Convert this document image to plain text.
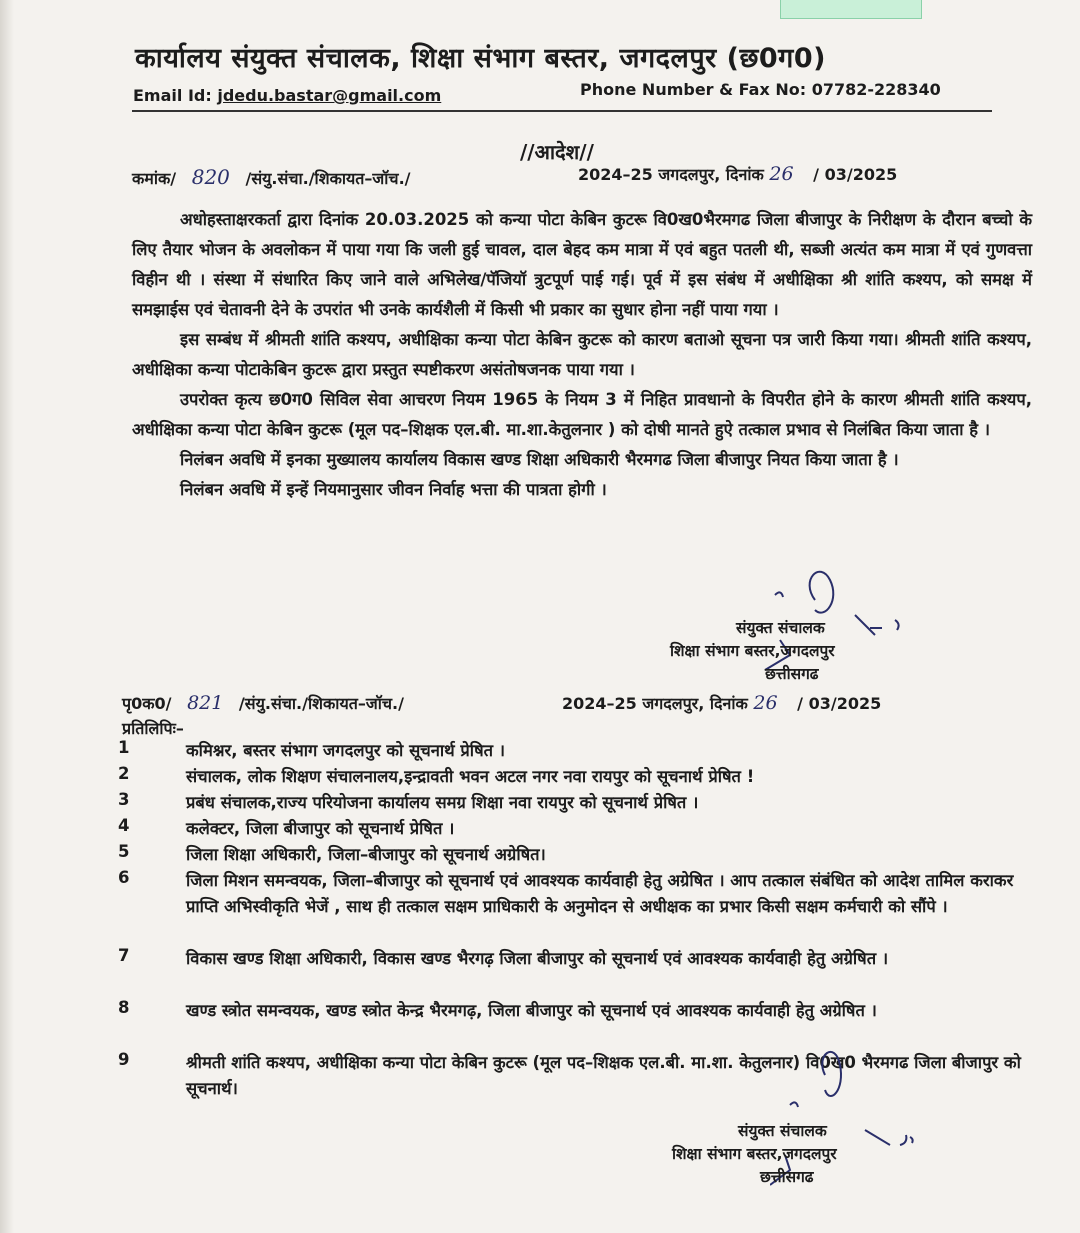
कार्यालय संयुक्त संचालक, शिक्षा संभाग बस्तर, जगदलपुर (छ0ग0)
Email Id: jdedu.bastar@gmail.com	Phone Number & Fax No: 07782-228340
//आदेश//
कमांक/ 820 /संयु.संचा./शिकायत–जॉच./	2024–25 जगदलपुर, दिनांक 26 / 03/2025

अधोहस्ताक्षरकर्ता द्वारा दिनांक 20.03.2025 को कन्या पोटा केबिन कुटरू वि0ख0भैरमगढ जिला बीजापुर के निरीक्षण के दौरान बच्चो के लिए तैयार भोजन के अवलोकन में पाया गया कि जली हुई चावल, दाल बेहद कम मात्रा में एवं बहुत पतली थी, सब्जी अत्यंत कम मात्रा में एवं गुणवत्ता विहीन थी । संस्था में संधारित किए जाने वाले अभिलेख/पॅजियॉ त्रुटपूर्ण पाई गई। पूर्व में इस संबंध में अधीक्षिका श्री शांति कश्यप, को समक्ष में समझाईस एवं चेतावनी देने के उपरांत भी उनके कार्यशैली में किसी भी प्रकार का सुधार होना नहीं पाया गया ।

इस सम्बंध में श्रीमती शांति कश्यप, अधीक्षिका कन्या पोटा केबिन कुटरू को कारण बताओ सूचना पत्र जारी किया गया। श्रीमती शांति कश्यप, अधीक्षिका कन्या पोटाकेबिन कुटरू द्वारा प्रस्तुत स्पष्टीकरण असंतोषजनक पाया गया ।

उपरोक्त कृत्य छ0ग0 सिविल सेवा आचरण नियम 1965 के नियम 3 में निहित प्रावधानो के विपरीत होने के कारण श्रीमती शांति कश्यप, अधीक्षिका कन्या पोटा केबिन कुटरू (मूल पद–शिक्षक एल.बी. मा.शा.केतुलनार ) को दोषी मानते हुऐ तत्काल प्रभाव से निलंबित किया जाता है ।

निलंबन अवधि में इनका मुख्यालय कार्यालय विकास खण्ड शिक्षा अधिकारी भैरमगढ जिला बीजापुर नियत किया जाता है ।

निलंबन अवधि में इन्हें नियमानुसार जीवन निर्वाह भत्ता की पात्रता होगी ।

संयुक्त संचालक
शिक्षा संभाग बस्तर,जगदलपुर
छत्तीसगढ
पृ0क0/ 821 /संयु.संचा./शिकायत–जॉच./	2024–25 जगदलपुर, दिनांक 26 / 03/2025
प्रतिलिपिः–
1	कमिश्नर, बस्तर संभाग जगदलपुर को सूचनार्थ प्रेषित ।
2	संचालक, लोक शिक्षण संचालनालय,इन्द्रावती भवन अटल नगर नवा रायपुर को सूचनार्थ प्रेषित !
3	प्रबंध संचालक,राज्य परियोजना कार्यालय समग्र शिक्षा नवा रायपुर को सूचनार्थ प्रेषित ।
4	कलेक्टर, जिला बीजापुर को सूचनार्थ प्रेषित ।
5	जिला शिक्षा अधिकारी, जिला–बीजापुर को सूचनार्थ अग्रेषित।
6	जिला मिशन समन्वयक, जिला–बीजापुर को सूचनार्थ एवं आवश्यक कार्यवाही हेतु अग्रेषित । आप तत्काल संबंधित को आदेश तामिल कराकर प्राप्ति अभिस्वीकृति भेजें , साथ ही तत्काल सक्षम प्राधिकारी के अनुमोदन से अधीक्षक का प्रभार किसी सक्षम कर्मचारी को सौंपे ।
7	विकास खण्ड शिक्षा अधिकारी, विकास खण्ड भैरगढ़ जिला बीजापुर को सूचनार्थ एवं आवश्यक कार्यवाही हेतु अग्रेषित ।
8	खण्ड स्त्रोत समन्वयक, खण्ड स्त्रोत केन्द्र भैरमगढ़, जिला बीजापुर को सूचनार्थ एवं आवश्यक कार्यवाही हेतु अग्रेषित ।
9	श्रीमती शांति कश्यप, अधीक्षिका कन्या पोटा केबिन कुटरू (मूल पद–शिक्षक एल.बी. मा.शा. केतुलनार) वि0ख0 भैरमगढ जिला बीजापुर को सूचनार्थ।
संयुक्त संचालक
शिक्षा संभाग बस्तर,जगदलपुर
छत्तीसगढ
